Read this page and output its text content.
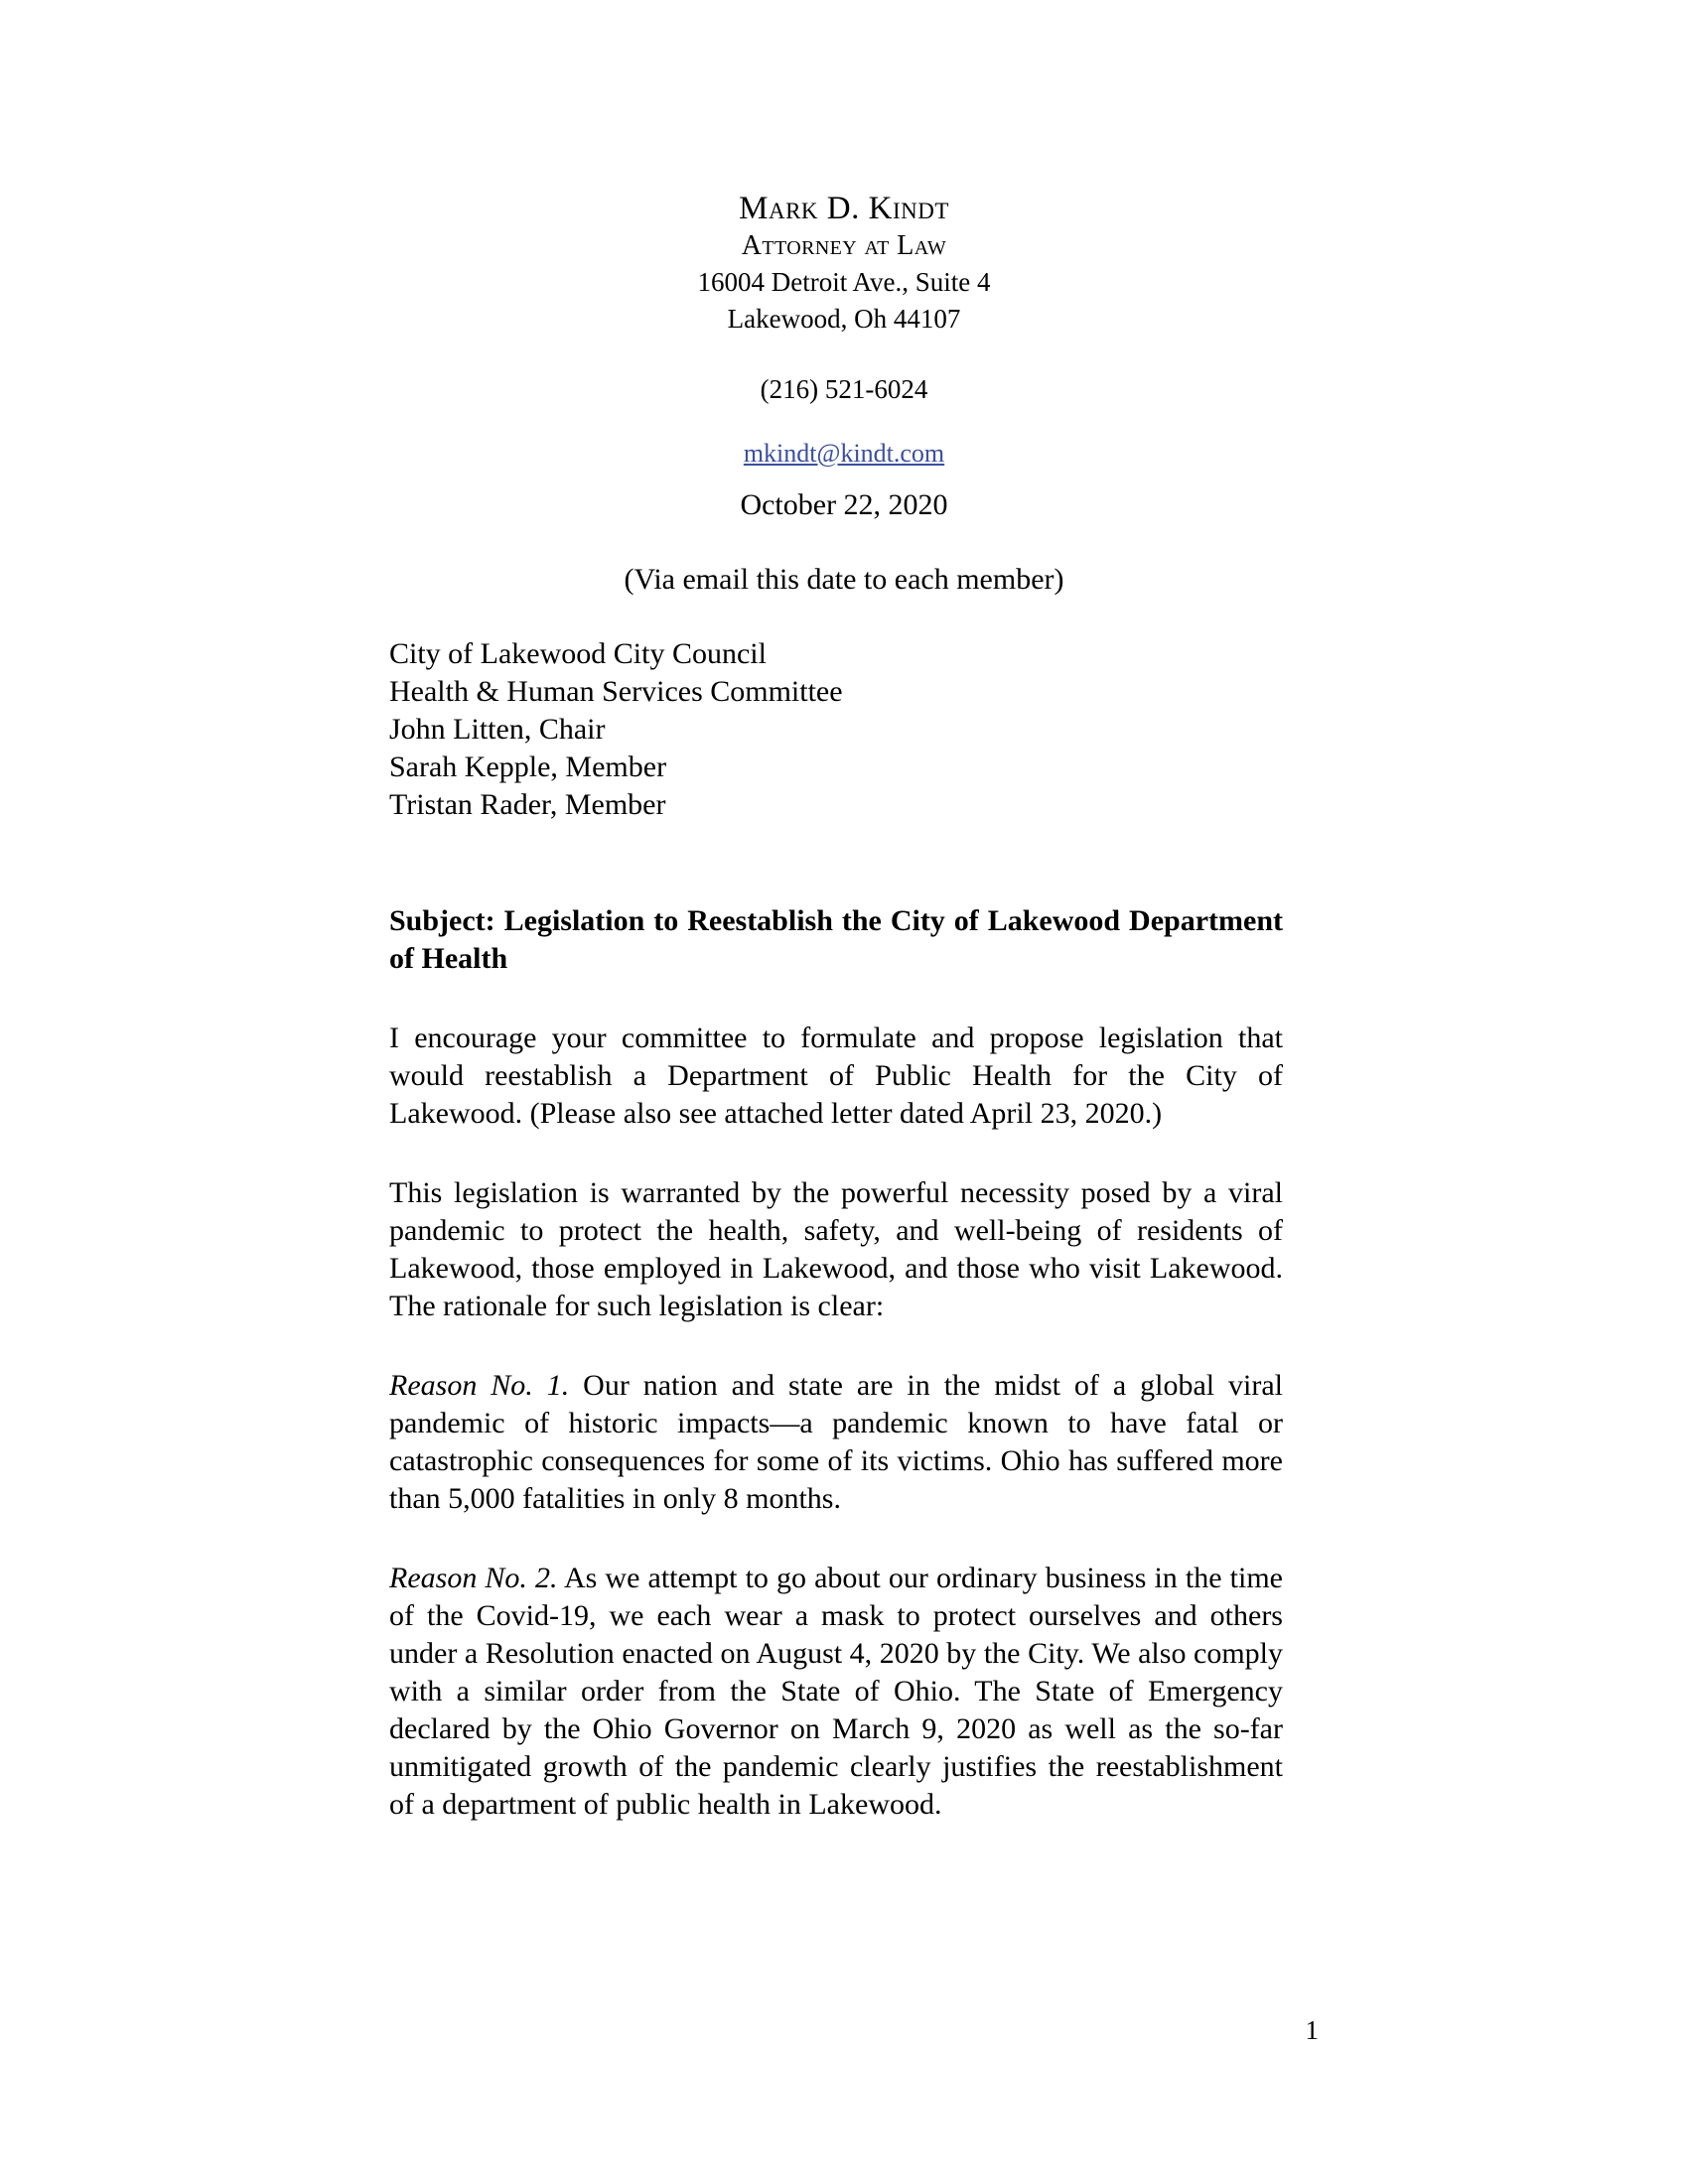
Mark D. Kindt
Attorney at Law
16004 Detroit Ave., Suite 4
Lakewood, Oh 44107
(216) 521-6024
mkindt@kindt.com
October 22, 2020
(Via email this date to each member)
City of Lakewood City Council
Health & Human Services Committee
John Litten, Chair
Sarah Kepple, Member
Tristan Rader, Member
Subject: Legislation to Reestablish the City of Lakewood Department of Health

I encourage your committee to formulate and propose legislation that would reestablish a Department of Public Health for the City of Lakewood. (Please also see attached letter dated April 23, 2020.)

This legislation is warranted by the powerful necessity posed by a viral pandemic to protect the health, safety, and well-being of residents of Lakewood, those employed in Lakewood, and those who visit Lakewood. The rationale for such legislation is clear:

Reason No. 1. Our nation and state are in the midst of a global viral pandemic of historic impacts—a pandemic known to have fatal or catastrophic consequences for some of its victims. Ohio has suffered more than 5,000 fatalities in only 8 months.

Reason No. 2. As we attempt to go about our ordinary business in the time of the Covid-19, we each wear a mask to protect ourselves and others under a Resolution enacted on August 4, 2020 by the City. We also comply with a similar order from the State of Ohio. The State of Emergency declared by the Ohio Governor on March 9, 2020 as well as the so-far unmitigated growth of the pandemic clearly justifies the reestablishment of a department of public health in Lakewood.

1
